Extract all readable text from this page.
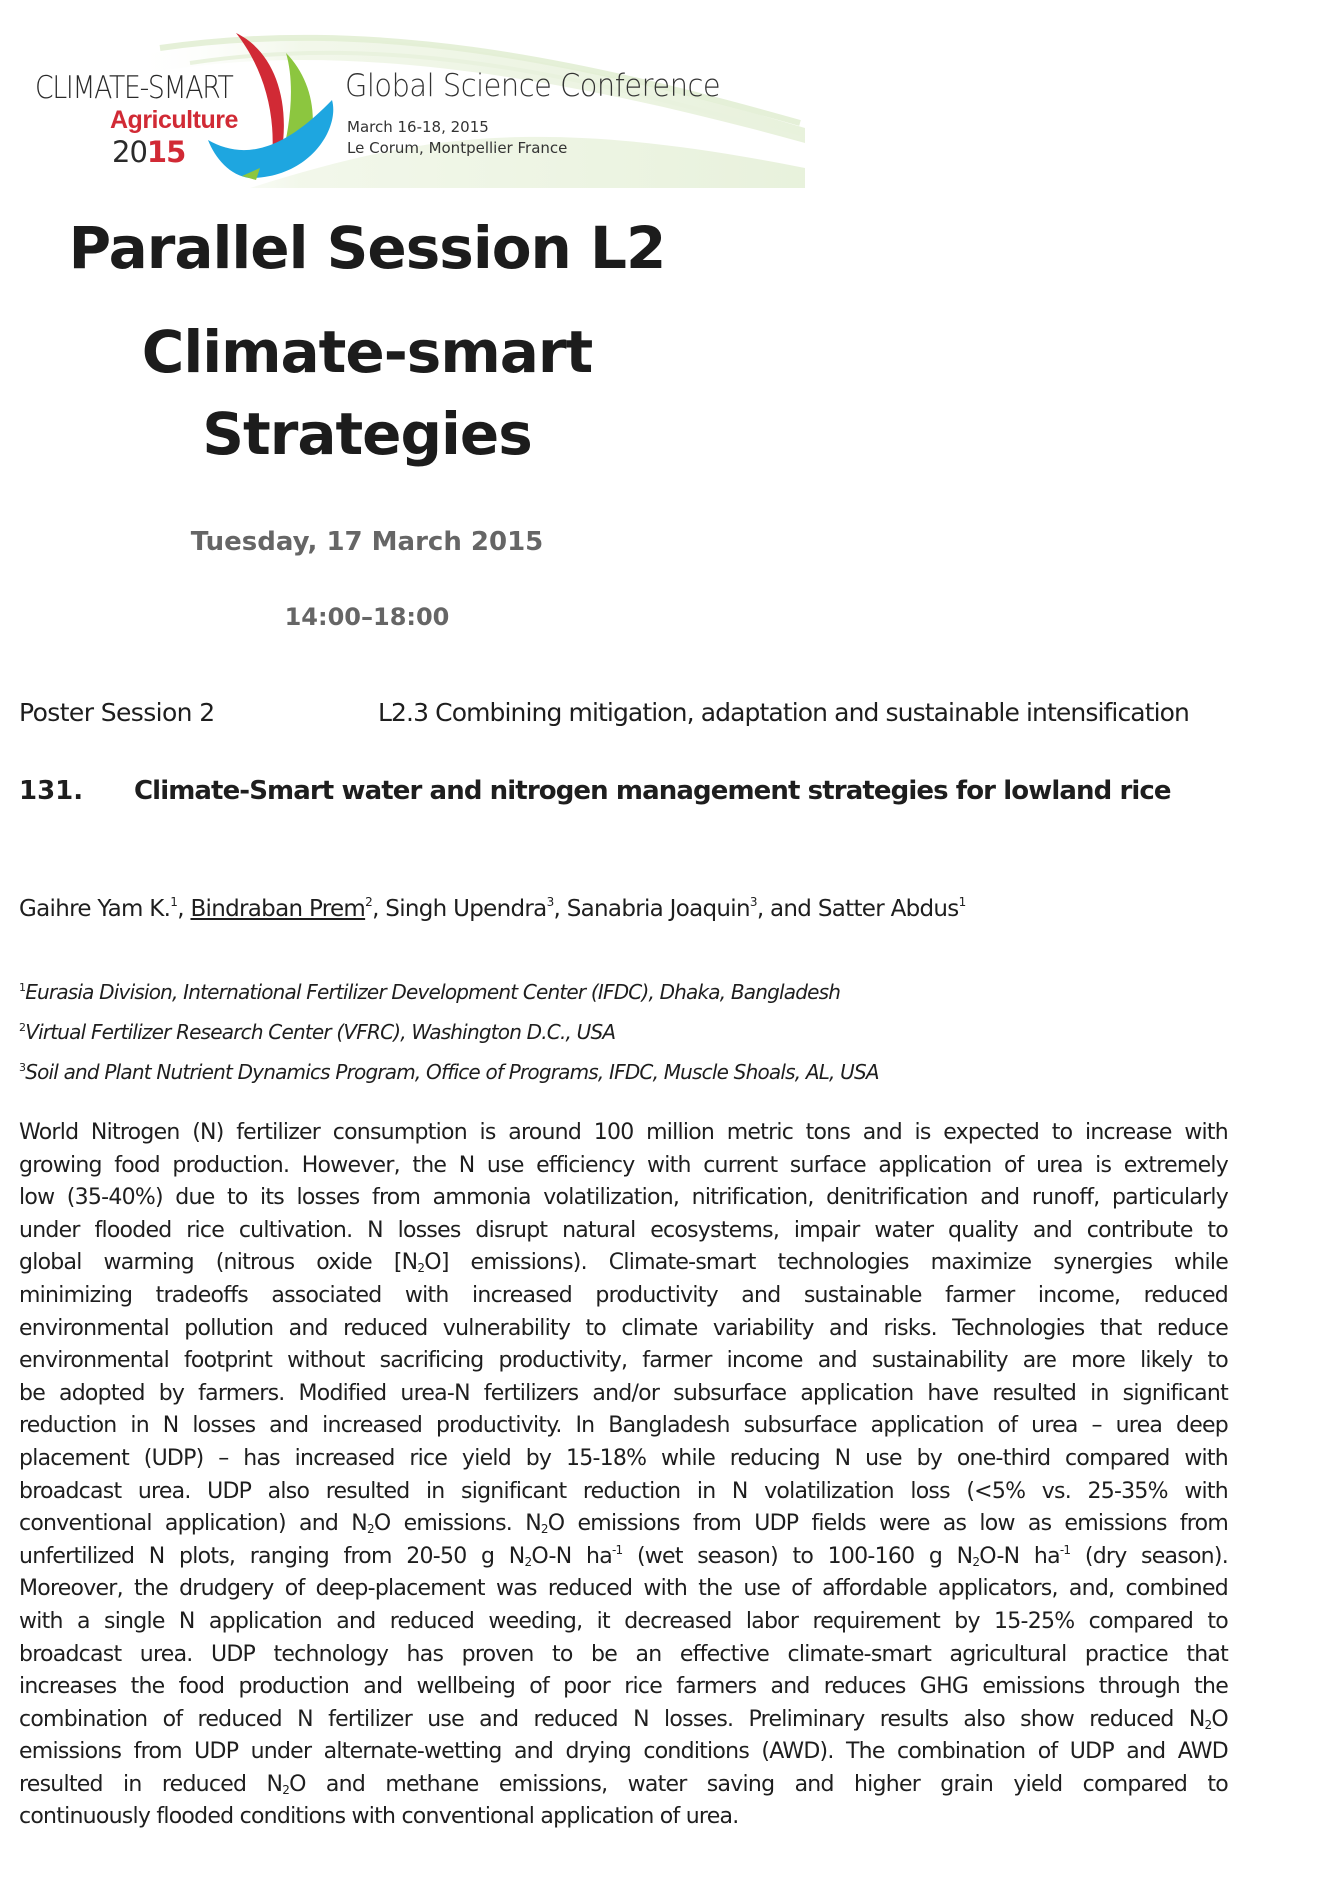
CLIMATE-SMART
Agriculture
2015
Global Science Conference
March 16-18, 2015
Le Corum, Montpellier France
Parallel Session L2
Climate-smart
Strategies
Tuesday, 17 March 2015
14:00–18:00
Poster Session 2	L2.3 Combining mitigation, adaptation and sustainable intensification
131. Climate-Smart water and nitrogen management strategies for lowland rice
Gaihre Yam K.$^1$, Bindraban Prem$^2$, Singh Upendra$^3$, Sanabria Joaquin$^3$, and Satter Abdus$^1$
$^1$Eurasia Division, International Fertilizer Development Center (IFDC), Dhaka, Bangladesh
$^2$Virtual Fertilizer Research Center (VFRC), Washington D.C., USA
$^3$Soil and Plant Nutrient Dynamics Program, Office of Programs, IFDC, Muscle Shoals, AL, USA
World Nitrogen (N) fertilizer consumption is around 100 million metric tons and is expected to increase with
growing food production. However, the N use efficiency with current surface application of urea is extremely
low (35-40%) due to its losses from ammonia volatilization, nitrification, denitrification and runoff, particularly
under flooded rice cultivation. N losses disrupt natural ecosystems, impair water quality and contribute to
global warming (nitrous oxide $[N_2O]$ emissions). Climate-smart technologies maximize synergies while
minimizing tradeoffs associated with increased productivity and sustainable farmer income, reduced
environmental pollution and reduced vulnerability to climate variability and risks. Technologies that reduce
environmental footprint without sacrificing productivity, farmer income and sustainability are more likely to
be adopted by farmers. Modified urea-N fertilizers and/or subsurface application have resulted in significant
reduction in N losses and increased productivity. In Bangladesh subsurface application of urea – urea deep
placement (UDP) – has increased rice yield by 15-18% while reducing N use by one-third compared with
broadcast urea. UDP also resulted in significant reduction in N volatilization loss (<5% vs. 25-35% with
conventional application) and $N_2O$ emissions. $N_2O$ emissions from UDP fields were as low as emissions from
unfertilized N plots, ranging from 20-50 g $N_2O-N$ $ha^{-1}$ (wet season) to 100-160 g $N_2O-N$ $ha^{-1}$ (dry season).
Moreover, the drudgery of deep-placement was reduced with the use of affordable applicators, and, combined
with a single N application and reduced weeding, it decreased labor requirement by 15-25% compared to
broadcast urea. UDP technology has proven to be an effective climate-smart agricultural practice that
increases the food production and wellbeing of poor rice farmers and reduces GHG emissions through the
combination of reduced N fertilizer use and reduced N losses. Preliminary results also show reduced $N_2O$
emissions from UDP under alternate-wetting and drying conditions (AWD). The combination of UDP and AWD
resulted in reduced $N_2O$ and methane emissions, water saving and higher grain yield compared to
continuously flooded conditions with conventional application of urea.
